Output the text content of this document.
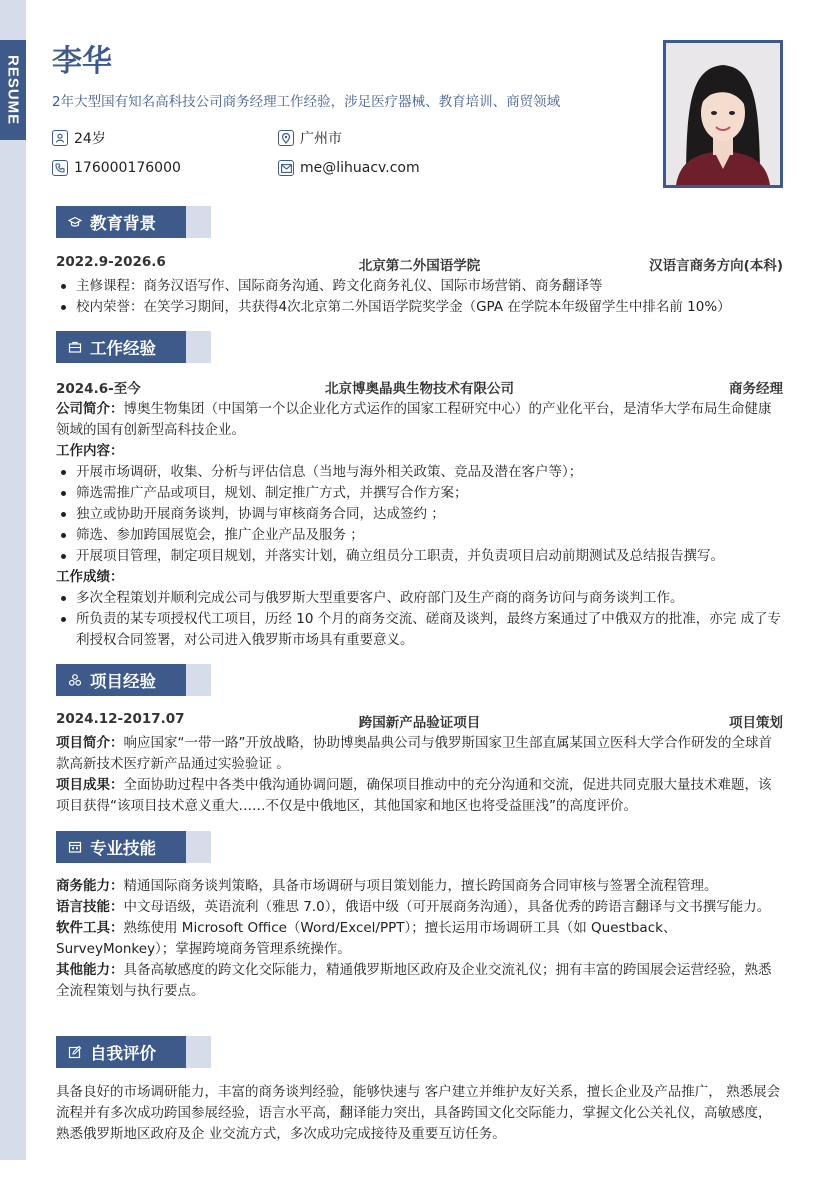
RESUME 李华
2年大型国有知名高科技公司商务经理工作经验，涉足医疗器械、教育培训、商贸领域
24岁	广州市
176000176000	me@lihuacv.com
教育背景
2022.9-2026.6	北京第二外国语学院	汉语言商务方向(本科)
主修课程：商务汉语写作、国际商务沟通、跨文化商务礼仪、国际市场营销、商务翻译等
校内荣誉：在笑学习期间，共获得4次北京第二外国语学院奖学金（GPA 在学院本年级留学生中排名前 10%）
工作经验
2024.6-至今	北京博奥晶典生物技术有限公司	商务经理
公司简介：博奥生物集团（中国第一个以企业化方式运作的国家工程研究中心）的产业化平台，是清华大学布局生命健康领域的国有创新型高科技企业。
工作内容：
开展市场调研，收集、分析与评估信息（当地与海外相关政策、竞品及潜在客户等）；
筛选需推广产品或项目，规划、制定推广方式，并撰写合作方案；
独立或协助开展商务谈判，协调与审核商务合同，达成签约 ；
筛选、参加跨国展览会，推广企业产品及服务 ；
开展项目管理，制定项目规划，并落实计划，确立组员分工职责，并负责项目启动前期测试及总结报告撰写。
工作成绩：
多次全程策划并顺利完成公司与俄罗斯大型重要客户、政府部门及生产商的商务访问与商务谈判工作。
所负责的某专项授权代工项目，历经 10 个月的商务交流、磋商及谈判，最终方案通过了中俄双方的批准，亦完 成了专利授权合同签署，对公司进入俄罗斯市场具有重要意义。
项目经验
2024.12-2017.07	跨国新产品验证项目	项目策划
项目简介：响应国家“一带一路”开放战略，协助博奥晶典公司与俄罗斯国家卫生部直属某国立医科大学合作研发的全球首款高新技术医疗新产品通过实验验证 。
项目成果：全面协助过程中各类中俄沟通协调问题，确保项目推动中的充分沟通和交流，促进共同克服大量技术难题，该项目获得“该项目技术意义重大……不仅是中俄地区，其他国家和地区也将受益匪浅”的高度评价。
专业技能
商务能力：精通国际商务谈判策略，具备市场调研与项目策划能力，擅长跨国商务合同审核与签署全流程管理。
语言技能：中文母语级，英语流利（雅思 7.0），俄语中级（可开展商务沟通），具备优秀的跨语言翻译与文书撰写能力。
软件工具：熟练使用 Microsoft Office（Word/Excel/PPT）；擅长运用市场调研工具（如 Questback、SurveyMonkey）；掌握跨境商务管理系统操作。
其他能力：具备高敏感度的跨文化交际能力，精通俄罗斯地区政府及企业交流礼仪；拥有丰富的跨国展会运营经验，熟悉全流程策划与执行要点。
自我评价
具备良好的市场调研能力，丰富的商务谈判经验，能够快速与 客户建立并维护友好关系，擅长企业及产品推广， 熟悉展会流程并有多次成功跨国参展经验，语言水平高，翻译能力突出，具备跨国文化交际能力，掌握文化公关礼仪，高敏感度，熟悉俄罗斯地区政府及企 业交流方式，多次成功完成接待及重要互访任务。
